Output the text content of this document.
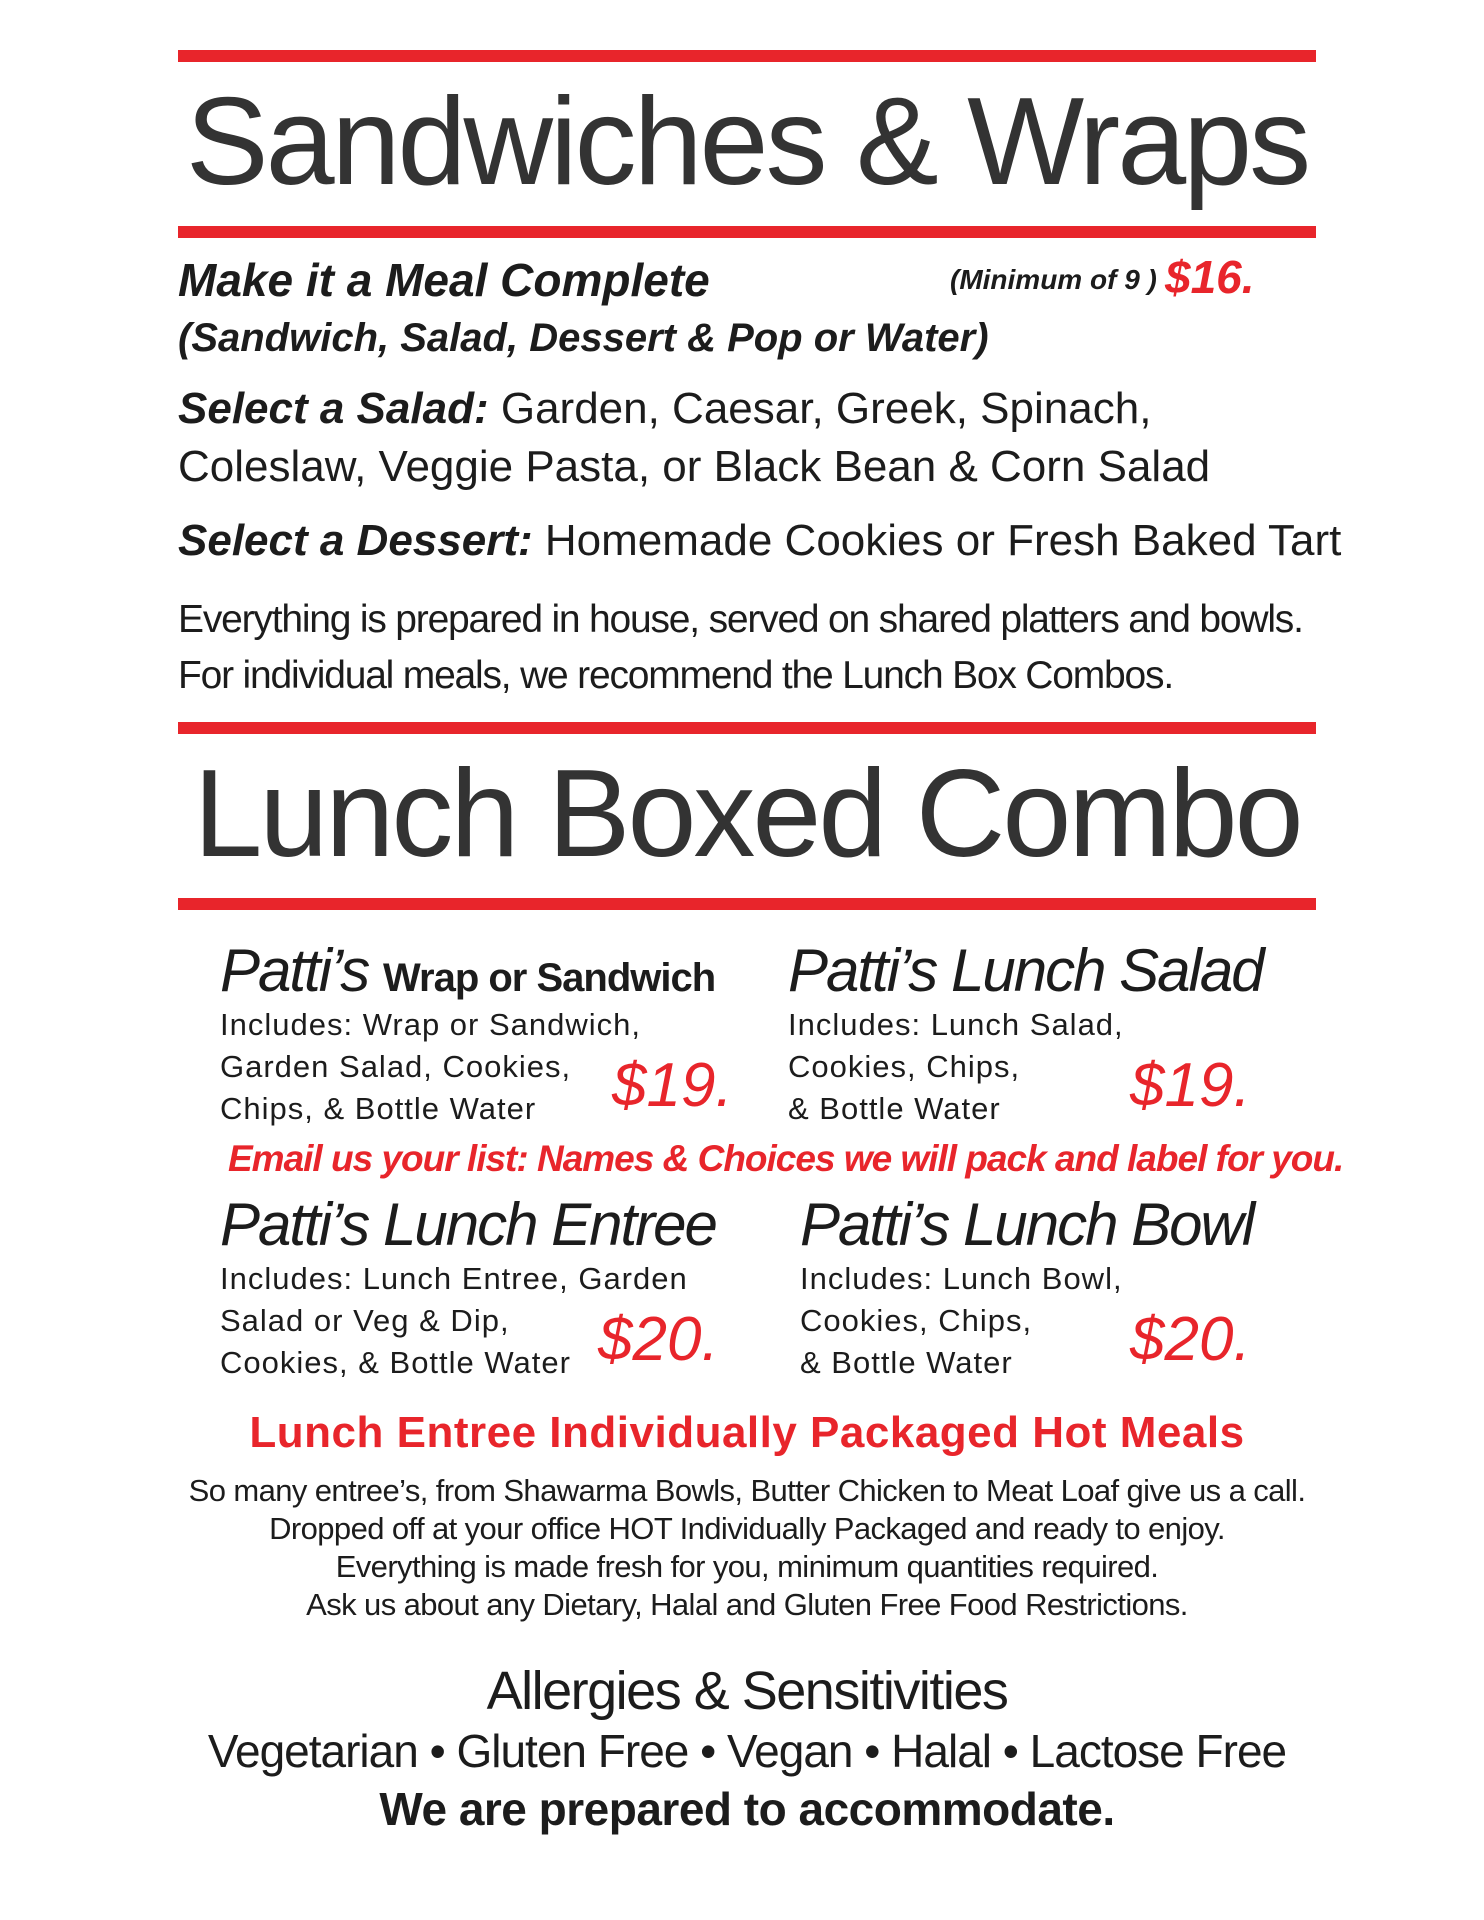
Sandwiches & Wraps
Make it a Meal Complete	(Minimum of 9 ) $16.
(Sandwich, Salad, Dessert & Pop or Water)
Select a Salad: Garden, Caesar, Greek, Spinach,
Coleslaw, Veggie Pasta, or Black Bean & Corn Salad
Select a Dessert: Homemade Cookies or Fresh Baked Tart
Everything is prepared in house, served on shared platters and bowls.
For individual meals, we recommend the Lunch Box Combos.
Lunch Boxed Combo
Patti’s Wrap or Sandwich
Includes: Wrap or Sandwich,
Garden Salad, Cookies,
Chips, & Bottle Water $19.
Patti’s Lunch Salad
Includes: Lunch Salad,
Cookies, Chips,
& Bottle Water $19.
Email us your list: Names & Choices we will pack and label for you.
Patti’s Lunch Entree
Includes: Lunch Entree, Garden
Salad or Veg & Dip,
Cookies, & Bottle Water $20.
Patti’s Lunch Bowl
Includes: Lunch Bowl,
Cookies, Chips,
& Bottle Water $20.
Lunch Entree Individually Packaged Hot Meals
So many entree’s, from Shawarma Bowls, Butter Chicken to Meat Loaf give us a call.
Dropped off at your office HOT Individually Packaged and ready to enjoy.
Everything is made fresh for you, minimum quantities required.
Ask us about any Dietary, Halal and Gluten Free Food Restrictions.
Allergies & Sensitivities
Vegetarian • Gluten Free • Vegan • Halal • Lactose Free
We are prepared to accommodate.
